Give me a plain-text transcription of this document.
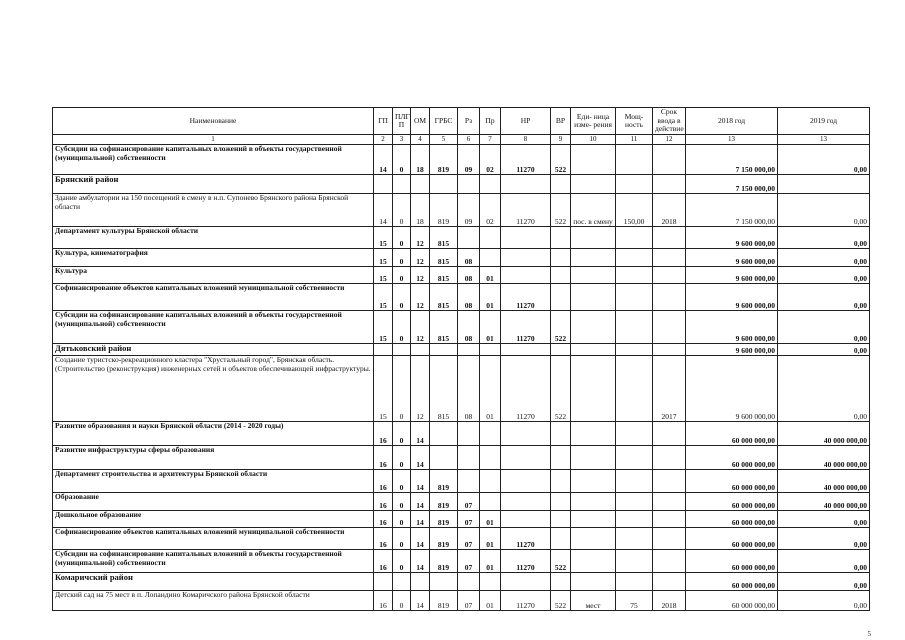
Наименование	ГП	ПЛГ П	ОМ	ГРБС	Рз	Пр	НР	ВР	Еди- ница изме- рения	Мощ- ность	Срок ввода в действие	2018 год	2019 год
1	2	3	4	5	6	7	8	9	10	11	12	13	13
Субсидии на софинансирование капитальных вложений в объекты государственной (муниципальной) собственности	14	0	18	819	09	02	11270	522				7 150 000,00	0,00
Брянский район												7 150 000,00	
Здание амбулатории на 150 посещений в смену в н.п. Супонево Брянского района Брянской области	14	0	18	819	09	02	11270	522	пос. в смену	150,00	2018	7 150 000,00	0,00
Департамент культуры Брянской области	15	0	12	815								9 600 000,00	0,00
Культура, кинематография	15	0	12	815	08							9 600 000,00	0,00
Культура	15	0	12	815	08	01						9 600 000,00	0,00
Софинансирование объектов капитальных вложений муниципальной собственности	15	0	12	815	08	01	11270					9 600 000,00	0,00
Субсидии на софинансирование капитальных вложений в объекты государственной (муниципальной) собственности	15	0	12	815	08	01	11270	522				9 600 000,00	0,00
Дятьковский район												9 600 000,00	0,00
Создание туристско-рекреационного кластера "Хрустальный город", Брянская область. (Строительство (реконструкция) инженерных сетей и объектов обеспечивающей инфраструктуры.	15	0	12	815	08	01	11270	522			2017	9 600 000,00	0,00
Развитие образования и науки Брянской области (2014 - 2020 годы)	16	0	14									60 000 000,00	40 000 000,00
Развитие инфраструктуры сферы образования	16	0	14									60 000 000,00	40 000 000,00
Департамент строительства и архитектуры Брянской области	16	0	14	819								60 000 000,00	40 000 000,00
Образование	16	0	14	819	07							60 000 000,00	40 000 000,00
Дошкольное образование	16	0	14	819	07	01						60 000 000,00	0,00
Софинансирование объектов капитальных вложений муниципальной собственности	16	0	14	819	07	01	11270					60 000 000,00	0,00
Субсидии на софинансирование капитальных вложений в объекты государственной (муниципальной) собственности	16	0	14	819	07	01	11270	522				60 000 000,00	0,00
Комаричский район												60 000 000,00	0,00
Детский сад на 75 мест в п. Лопандино Комаричского района Брянской области	16	0	14	819	07	01	11270	522	мест	75	2018	60 000 000,00	0,00
5
